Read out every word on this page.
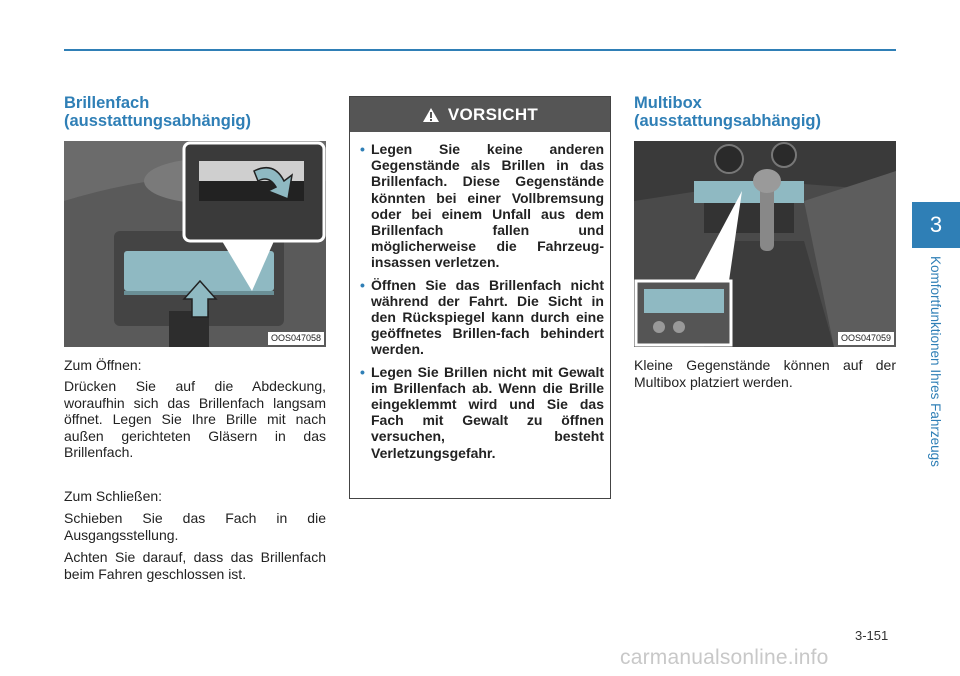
3
Komfortfunktionen Ihres Fahrzeugs
Brillenfach
(ausstattungsabhängig)
OOS047058
Zum Öffnen:
Drücken Sie auf die Abdeckung, woraufhin sich das Brillenfach langsam öffnet. Legen Sie Ihre Brille mit nach außen gerichteten Gläsern in das Brillenfach.
Zum Schließen:
Schieben Sie das Fach in die Ausgangsstellung.
Achten Sie darauf, dass das Brillenfach beim Fahren geschlossen ist.
VORSICHT
• Legen Sie keine anderen Gegenstände als Brillen in das Brillenfach. Diese Gegenstände könnten bei einer Vollbremsung oder bei einem Unfall aus dem Brillenfach fallen und möglicherweise die Fahrzeug-insassen verletzen.
• Öffnen Sie das Brillenfach nicht während der Fahrt. Die Sicht in den Rückspiegel kann durch eine geöffnetes Brillen-fach behindert werden.
• Legen Sie Brillen nicht mit Gewalt im Brillenfach ab. Wenn die Brille eingeklemmt wird und Sie das Fach mit Gewalt zu öffnen versuchen, besteht Verletzungsgefahr.
Multibox
(ausstattungsabhängig)
OOS047059
Kleine Gegenstände können auf der Multibox platziert werden.
3-151
carmanualsonline.info
